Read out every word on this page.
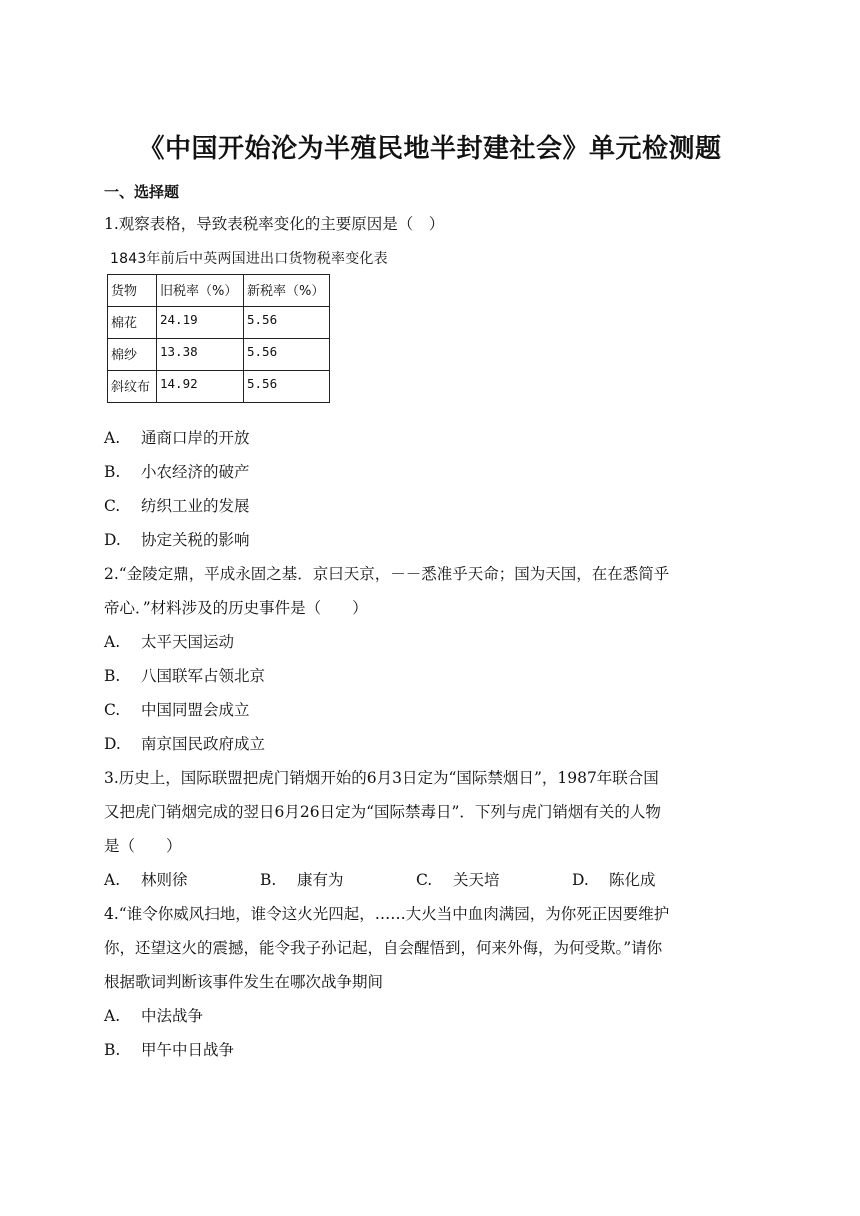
《中国开始沦为半殖民地半封建社会》单元检测题
一、选择题
1.观察表格，导致表税率变化的主要原因是（　）
1843年前后中英两国进出口货物税率变化表
货物	旧税率（%）	新税率（%）
棉花	24.19	5.56
棉纱	13.38	5.56
斜纹布	14.92	5.56
A. 通商口岸的开放
B. 小农经济的破产
C. 纺织工业的发展
D. 协定关税的影响
2.“金陵定鼎，平成永固之基．京曰天京，－－悉准乎天命；国为天国，在在悉简乎
帝心．”材料涉及的历史事件是（　　）
A. 太平天国运动
B. 八国联军占领北京
C. 中国同盟会成立
D. 南京国民政府成立
3.历史上，国际联盟把虎门销烟开始的6月3日定为“国际禁烟日”，1987年联合国
又把虎门销烟完成的翌日6月26日定为“国际禁毒日”．下列与虎门销烟有关的人物
是（　　）
A. 林则徐	B. 康有为	C. 关天培	D. 陈化成
4.“谁令你威风扫地，谁令这火光四起，……大火当中血肉满园，为你死正因要维护
你，还望这火的震撼，能令我子孙记起，自会醒悟到，何来外侮，为何受欺。”请你
根据歌词判断该事件发生在哪次战争期间
A. 中法战争
B. 甲午中日战争
